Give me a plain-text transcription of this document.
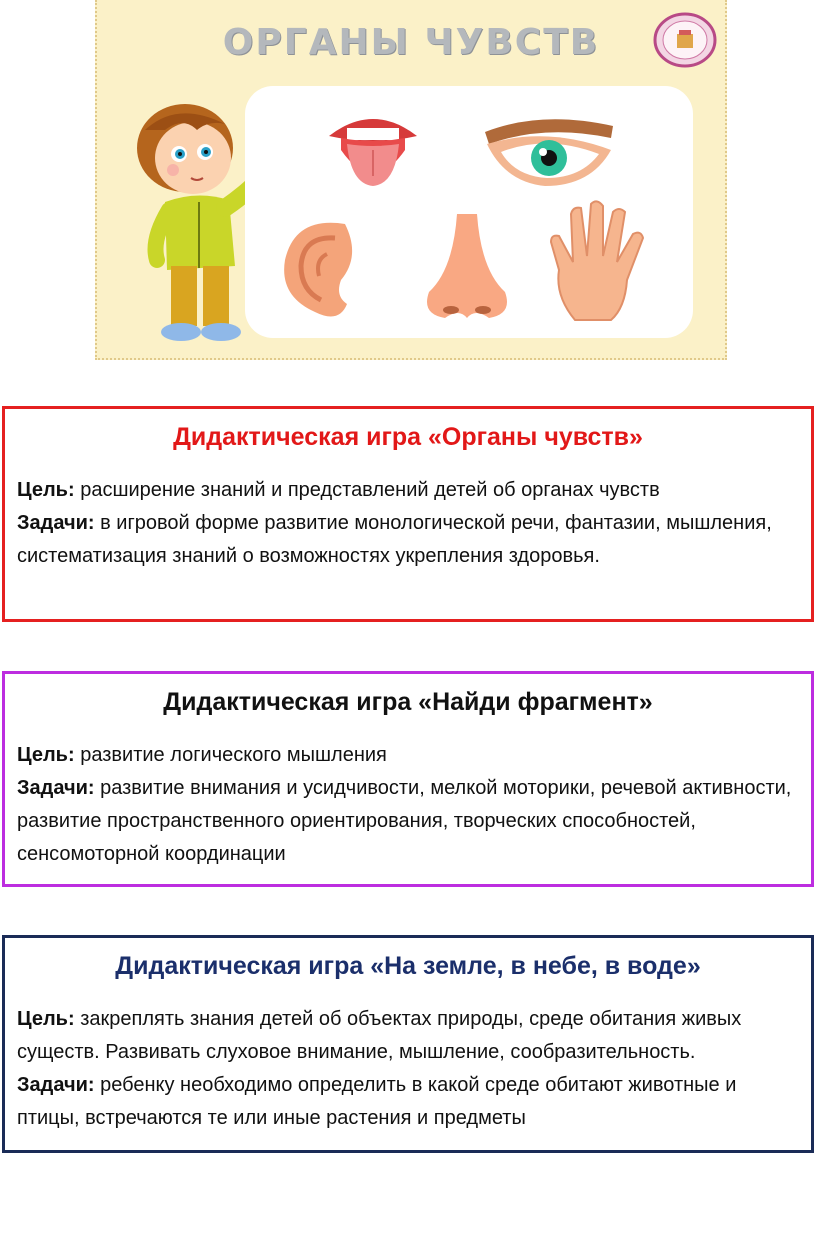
ОРГАНЫ ЧУВСТВ
Дидактическая игра «Органы чувств»
Цель: расширение знаний и представлений детей об органах чувств
Задачи: в игровой форме развитие монологической речи, фантазии, мышления, систематизация знаний о возможностях укрепления здоровья.
Дидактическая игра «Найди фрагмент»
Цель: развитие логического мышления
Задачи: развитие внимания и усидчивости, мелкой моторики, речевой активности, развитие пространственного ориентирования, творческих способностей, сенсомоторной координации
Дидактическая игра «На земле, в небе, в воде»
Цель: закреплять знания детей об объектах природы, среде обитания живых существ. Развивать слуховое внимание, мышление, сообразительность.
Задачи: ребенку необходимо определить в какой среде обитают животные и птицы, встречаются те или иные растения и предметы
